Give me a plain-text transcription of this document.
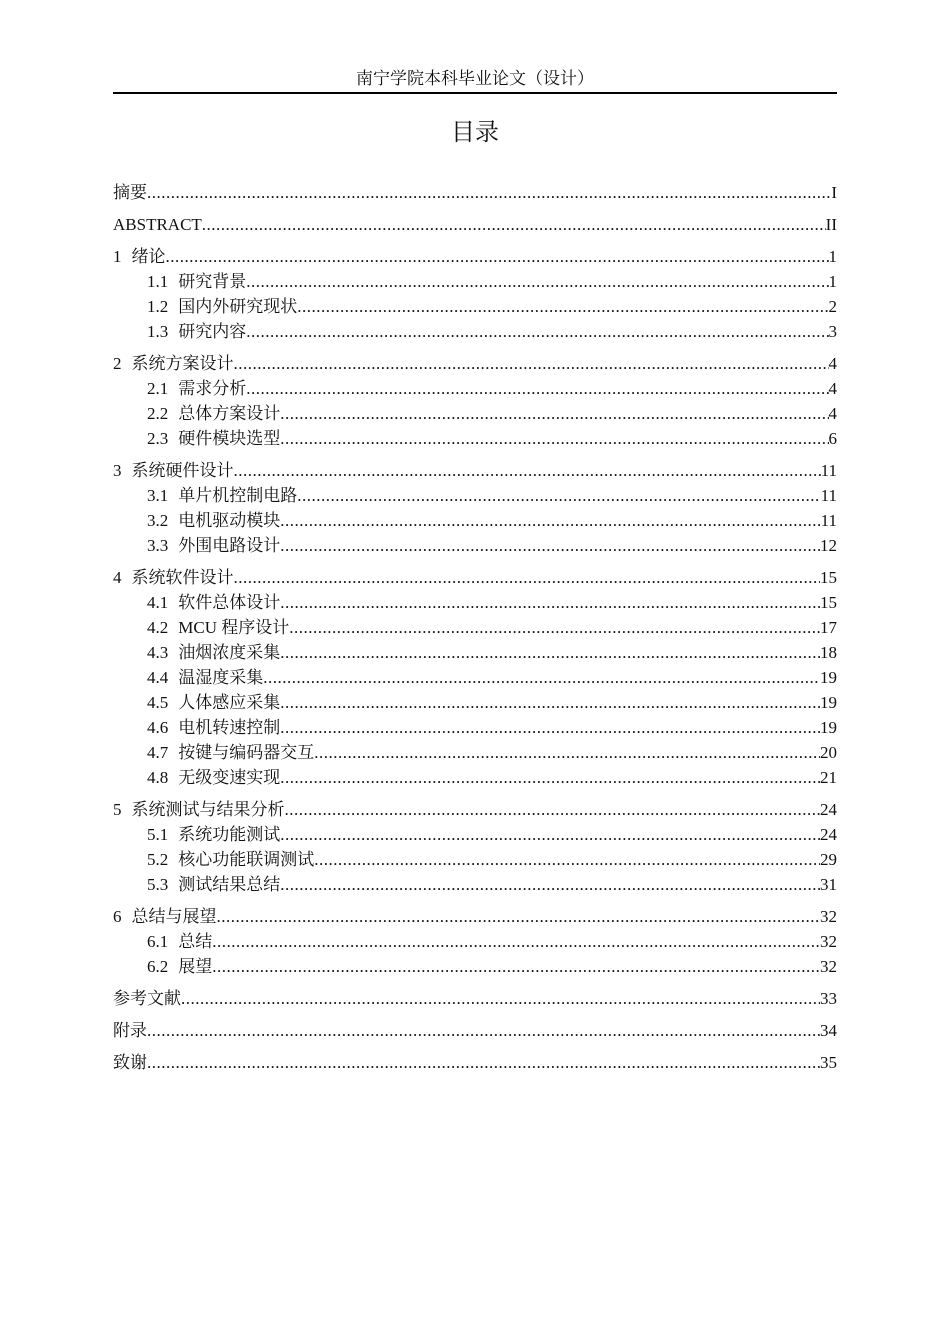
南宁学院本科毕业论文（设计）
目录
摘要 .....	I
ABSTRACT .....	II
1 绪论 .....	1
1.1 研究背景 .....	1
1.2 国内外研究现状 .....	2
1.3 研究内容 .....	3
2 系统方案设计 .....	4
2.1 需求分析 .....	4
2.2 总体方案设计 .....	4
2.3 硬件模块选型 .....	6
3 系统硬件设计 .....	11
3.1 单片机控制电路 .....	11
3.2 电机驱动模块 .....	11
3.3 外围电路设计 .....	12
4 系统软件设计 .....	15
4.1 软件总体设计 .....	15
4.2 MCU 程序设计 .....	17
4.3 油烟浓度采集 .....	18
4.4 温湿度采集 .....	19
4.5 人体感应采集 .....	19
4.6 电机转速控制 .....	19
4.7 按键与编码器交互 .....	20
4.8 无级变速实现 .....	21
5 系统测试与结果分析 .....	24
5.1 系统功能测试 .....	24
5.2 核心功能联调测试 .....	29
5.3 测试结果总结 .....	31
6 总结与展望 .....	32
6.1 总结 .....	32
6.2 展望 .....	32
参考文献 .....	33
附录 .....	34
致谢 .....	35
